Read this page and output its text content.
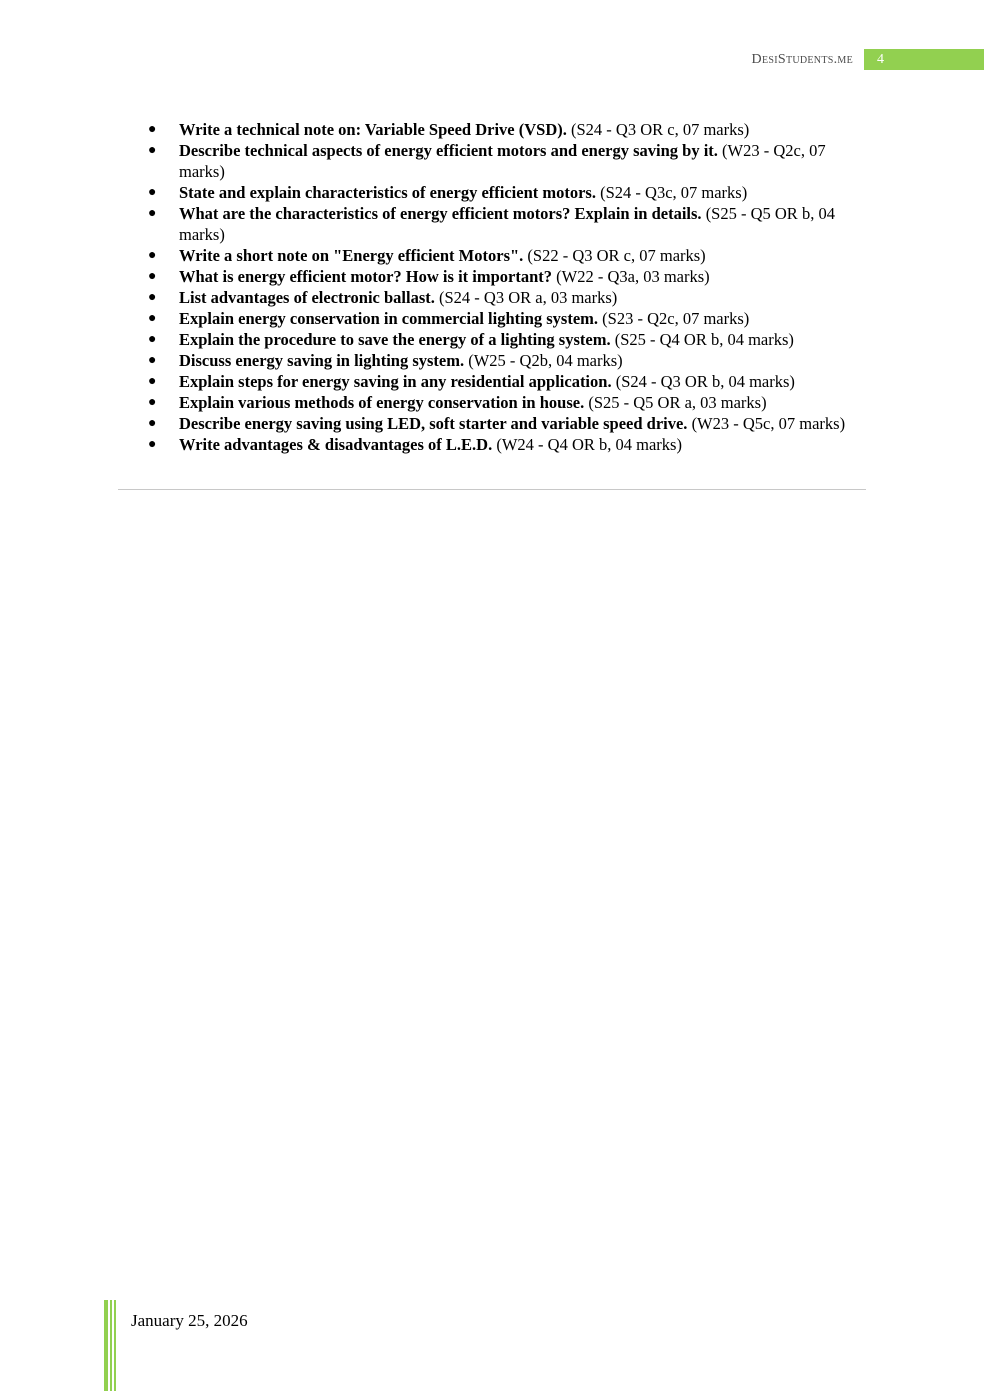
DesiStudents.me	4
● Write a technical note on: Variable Speed Drive (VSD). (S24 - Q3 OR c, 07 marks)
● Describe technical aspects of energy efficient motors and energy saving by it. (W23 - Q2c, 07 marks)
● State and explain characteristics of energy efficient motors. (S24 - Q3c, 07 marks)
● What are the characteristics of energy efficient motors? Explain in details. (S25 - Q5 OR b, 04 marks)
● Write a short note on "Energy efficient Motors". (S22 - Q3 OR c, 07 marks)
● What is energy efficient motor? How is it important? (W22 - Q3a, 03 marks)
● List advantages of electronic ballast. (S24 - Q3 OR a, 03 marks)
● Explain energy conservation in commercial lighting system. (S23 - Q2c, 07 marks)
● Explain the procedure to save the energy of a lighting system. (S25 - Q4 OR b, 04 marks)
● Discuss energy saving in lighting system. (W25 - Q2b, 04 marks)
● Explain steps for energy saving in any residential application. (S24 - Q3 OR b, 04 marks)
● Explain various methods of energy conservation in house. (S25 - Q5 OR a, 03 marks)
● Describe energy saving using LED, soft starter and variable speed drive. (W23 - Q5c, 07 marks)
● Write advantages & disadvantages of L.E.D. (W24 - Q4 OR b, 04 marks)
January 25, 2026
